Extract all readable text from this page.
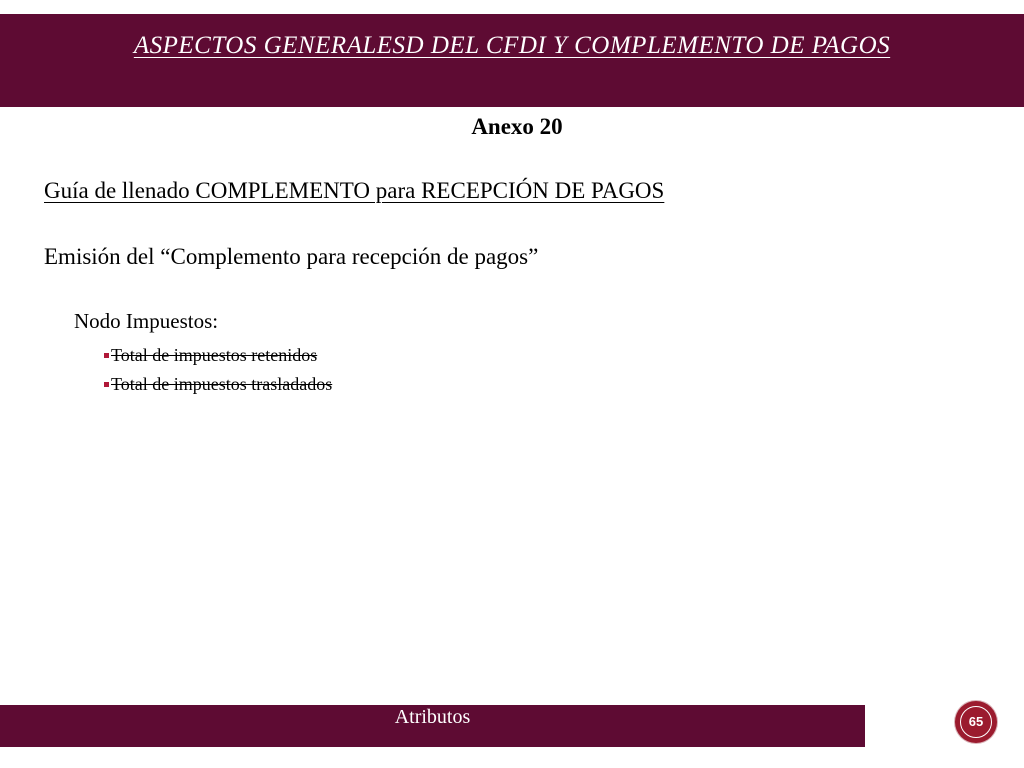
ASPECTOS GENERALESD DEL CFDI Y COMPLEMENTO DE PAGOS
Anexo 20
Guía de llenado COMPLEMENTO para RECEPCIÓN DE PAGOS
Emisión del “Complemento para recepción de pagos”
Nodo Impuestos:
Total de impuestos retenidos
Total de impuestos trasladados
Atributos	65
